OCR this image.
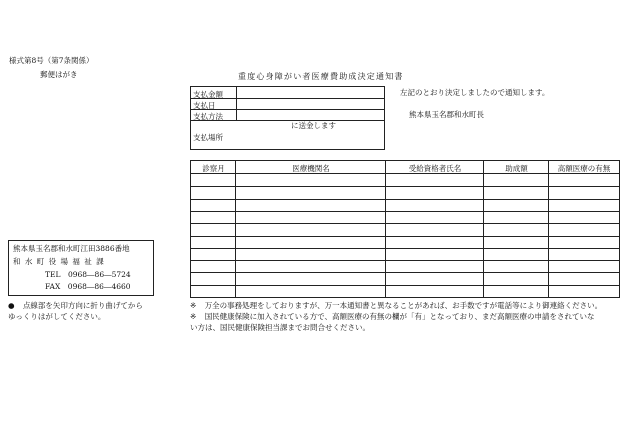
様式第8号（第7条関係）
郵便はがき	重度心身障がい者医療費助成決定通知書
支払金額
支払日
支払方法
支払場所
に送金します
左記のとおり決定しましたので通知します。
熊本県玉名郡和水町長
診察月	医療機関名	受給資格者氏名	助成額	高額医療の有無
熊本県玉名郡和水町江田3886番地
和 水 町 役 場 福 祉 課
TEL　0968―86―5724
FAX　0968―86―4660
● 点線部を矢印方向に折り曲げてから
ゆっくりはがしてください。
※ 万全の事務処理をしておりますが、万一本通知書と異なることがあれば、お手数ですが電話等により御連絡ください。
※ 国民健康保険に加入されている方で、高額医療の有無の欄が「有」となっており、まだ高額医療の申請をされていな
い方は、国民健康保険担当課までお問合せください。
